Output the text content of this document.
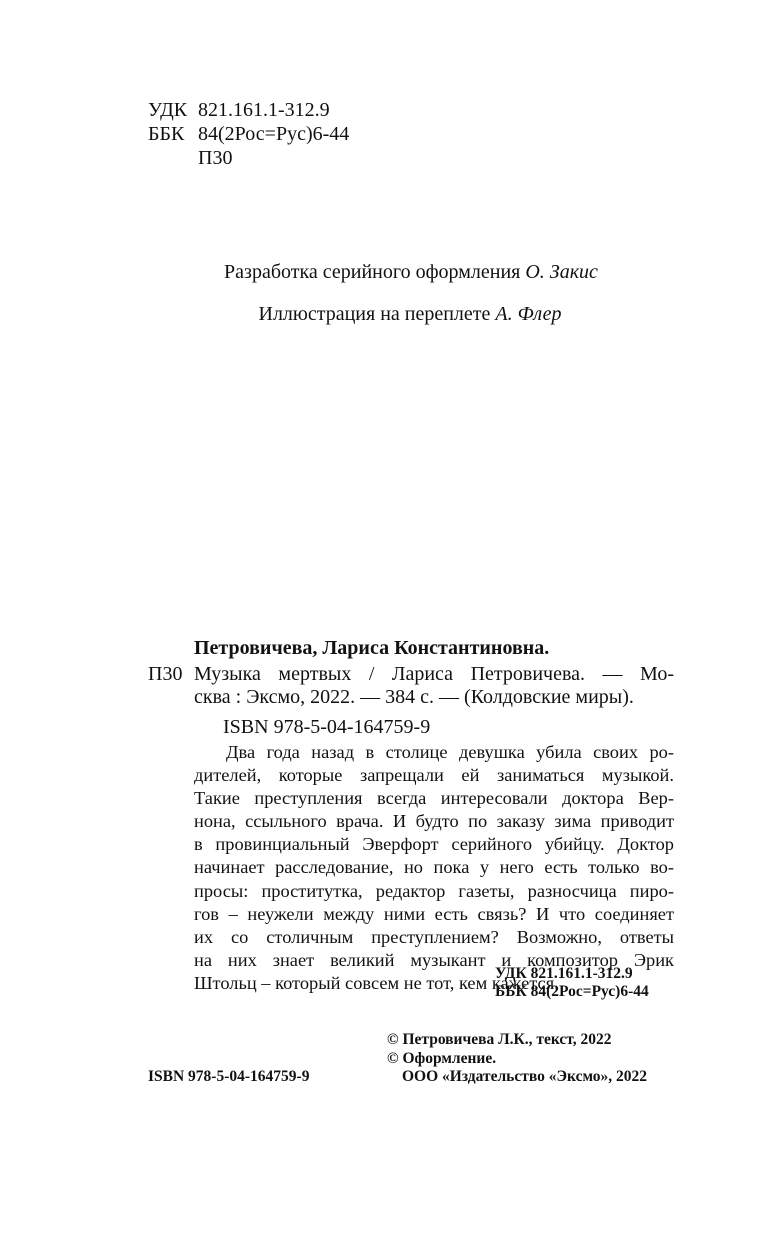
УДК 821.161.1-312.9
ББК 84(2Рос=Рус)6-44
П30
Разработка серийного оформления О. Закис
Иллюстрация на переплете А. Флер
Петровичева, Лариса Константиновна.
П30 Музыка мертвых / Лариса Петровичева. — Мо-
сква : Эксмо, 2022. — 384 с. — (Колдовские миры).
ISBN 978-5-04-164759-9
Два года назад в столице девушка убила своих ро-
дителей, которые запрещали ей заниматься музыкой.
Такие преступления всегда интересовали доктора Вер-
нона, ссыльного врача. И будто по заказу зима приводит
в провинциальный Эверфорт серийного убийцу. Доктор
начинает расследование, но пока у него есть только во-
просы: проститутка, редактор газеты, разносчица пиро-
гов – неужели между ними есть связь? И что соединяет
их со столичным преступлением? Возможно, ответы
на них знает великий музыкант и композитор Эрик
Штольц – который совсем не тот, кем кажется.
УДК 821.161.1-312.9
ББК 84(2Рос=Рус)6-44
© Петровичева Л.К., текст, 2022
© Оформление.
ООО «Издательство «Эксмо», 2022
ISBN 978-5-04-164759-9
